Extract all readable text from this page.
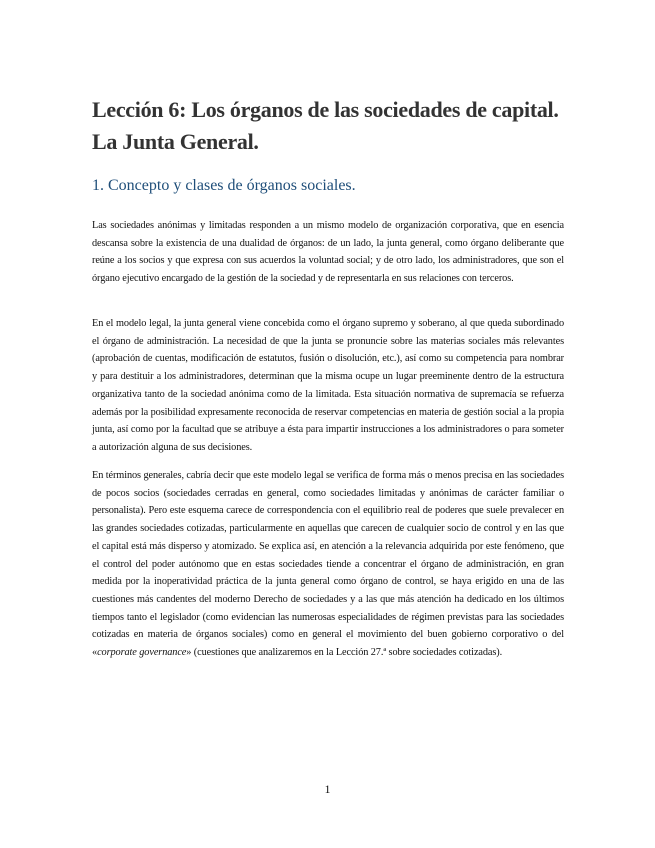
Lección 6: Los órganos de las sociedades de capital.
La Junta General.
1. Concepto y clases de órganos sociales.

Las sociedades anónimas y limitadas responden a un mismo modelo de organización corporativa, que en esencia descansa sobre la existencia de una dualidad de órganos: de un lado, la junta general, como órgano deliberante que reúne a los socios y que expresa con sus acuerdos la voluntad social; y de otro lado, los administradores, que son el órgano ejecutivo encargado de la gestión de la sociedad y de representarla en sus relaciones con terceros.

En el modelo legal, la junta general viene concebida como el órgano supremo y soberano, al que queda subordinado el órgano de administración. La necesidad de que la junta se pronuncie sobre las materias sociales más relevantes (aprobación de cuentas, modificación de estatutos, fusión o disolución, etc.), así como su competencia para nombrar y para destituir a los administradores, determinan que la misma ocupe un lugar preeminente dentro de la estructura organizativa tanto de la sociedad anónima como de la limitada. Esta situación normativa de supremacía se refuerza además por la posibilidad expresamente reconocida de reservar competencias en materia de gestión social a la propia junta, así como por la facultad que se atribuye a ésta para impartir instrucciones a los administradores o para someter a autorización alguna de sus decisiones.

En términos generales, cabría decir que este modelo legal se verifica de forma más o menos precisa en las sociedades de pocos socios (sociedades cerradas en general, como sociedades limitadas y anónimas de carácter familiar o personalista). Pero este esquema carece de correspondencia con el equilibrio real de poderes que suele prevalecer en las grandes sociedades cotizadas, particularmente en aquellas que carecen de cualquier socio de control y en las que el capital está más disperso y atomizado. Se explica así, en atención a la relevancia adquirida por este fenómeno, que el control del poder autónomo que en estas sociedades tiende a concentrar el órgano de administración, en gran medida por la inoperatividad práctica de la junta general como órgano de control, se haya erigido en una de las cuestiones más candentes del moderno Derecho de sociedades y a las que más atención ha dedicado en los últimos tiempos tanto el legislador (como evidencian las numerosas especialidades de régimen previstas para las sociedades cotizadas en materia de órganos sociales) como en general el movimiento del buen gobierno corporativo o del «corporate governance» (cuestiones que analizaremos en la Lección 27.ª sobre sociedades cotizadas).

1
